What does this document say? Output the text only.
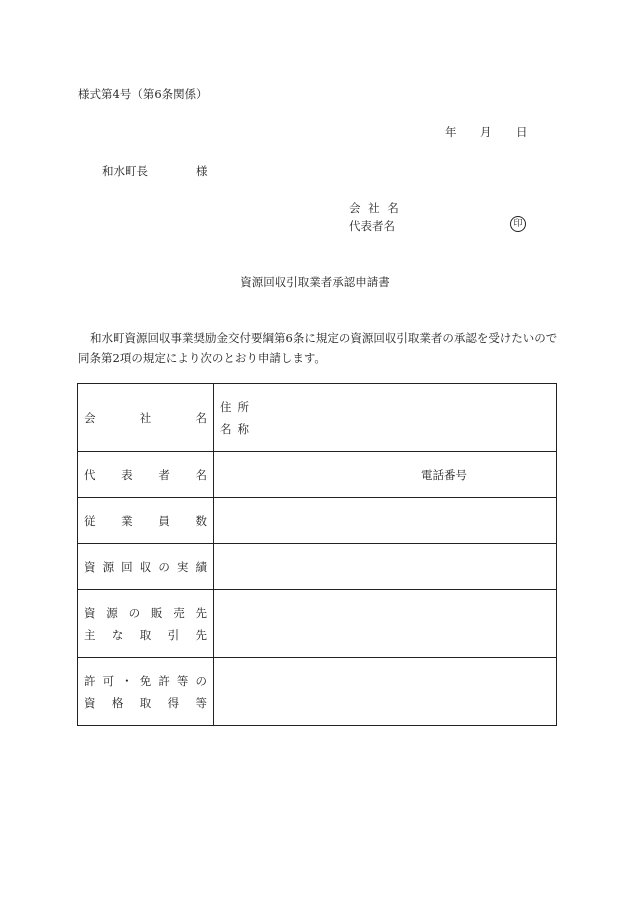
様式第4号（第6条関係）
年 月 日
和水町長	様
会 社 名
代表者名	印
資源回収引取業者承認申請書

和水町資源回収事業奨励金交付要綱第6条に規定の資源回収引取業者の承認を受けたいので同条第2項の規定により次のとおり申請します。

会社名	住所
名称

代表者名	電話番号

従業員数	

資源回収の実績	

資源の販売先
主な取引先	

許可・免許等の
資格取得等	
